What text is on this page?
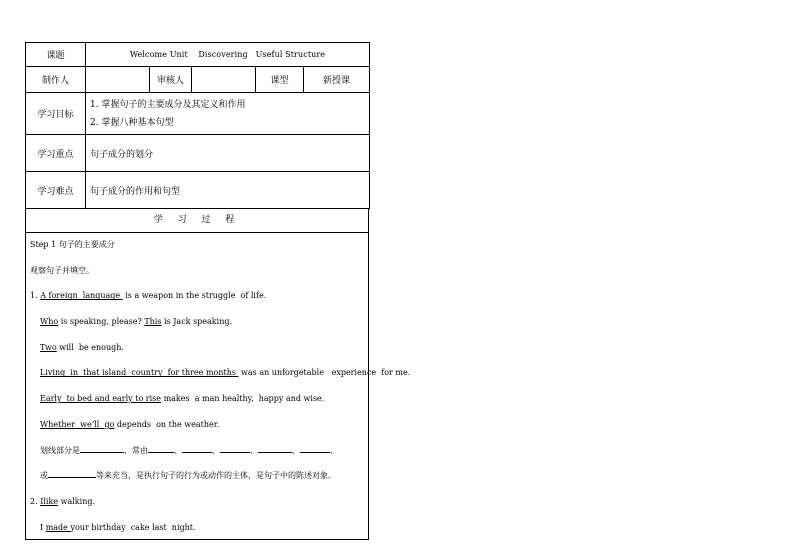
课题	Welcome Unit    Discovering   Useful Structure				
制作人		审核人		课型	新授课
学习目标	1. 掌握句子的主要成分及其定义和作用
2. 掌握八种基本句型				

学习重点	句子成分的划分				
学习难点	句子成分的作用和句型				
学 习 过 程
Step 1 句子的主要成分
观察句子并填空。
1. A foreign  language  is a weapon in the struggle  of life.
Who is speaking, please? This is Jack speaking.
Two will  be enough.
Living  in  that island  country  for three months  was an unforgetable   experience  for me.
Early  to bed and early to rise makes  a man healthy,  happy and wise.
Whether  we’ll  go depends  on the weather.
划线部分是	，常由	、	、	、	、	、
或	等来充当，是执行句子的行为或动作的主体，是句子中的陈述对象。
2. Ilike walking.
I made your birthday  cake last  night.
